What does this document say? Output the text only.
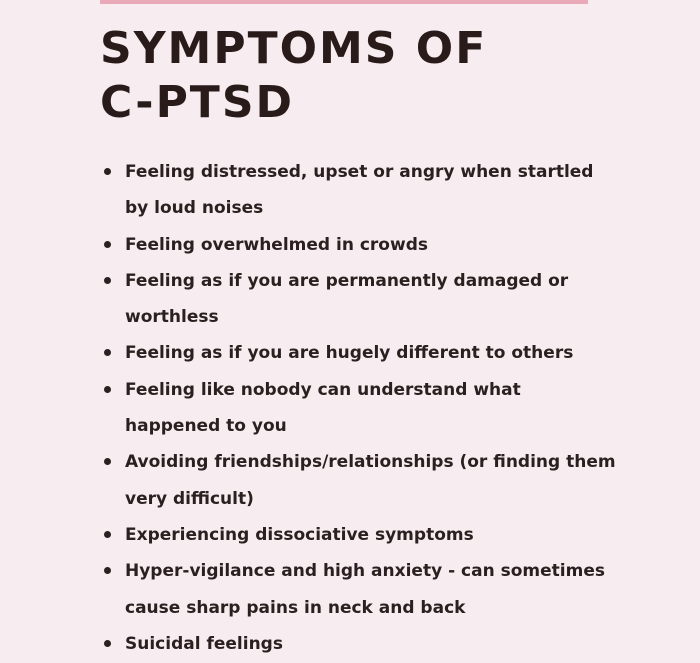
SYMPTOMS OF
C-PTSD
Feeling distressed, upset or angry when startled by loud noises
Feeling overwhelmed in crowds
Feeling as if you are permanently damaged or worthless
Feeling as if you are hugely different to others
Feeling like nobody can understand what happened to you
Avoiding friendships/relationships (or finding them very difficult)
Experiencing dissociative symptoms
Hyper-vigilance and high anxiety - can sometimes cause sharp pains in neck and back
Suicidal feelings
